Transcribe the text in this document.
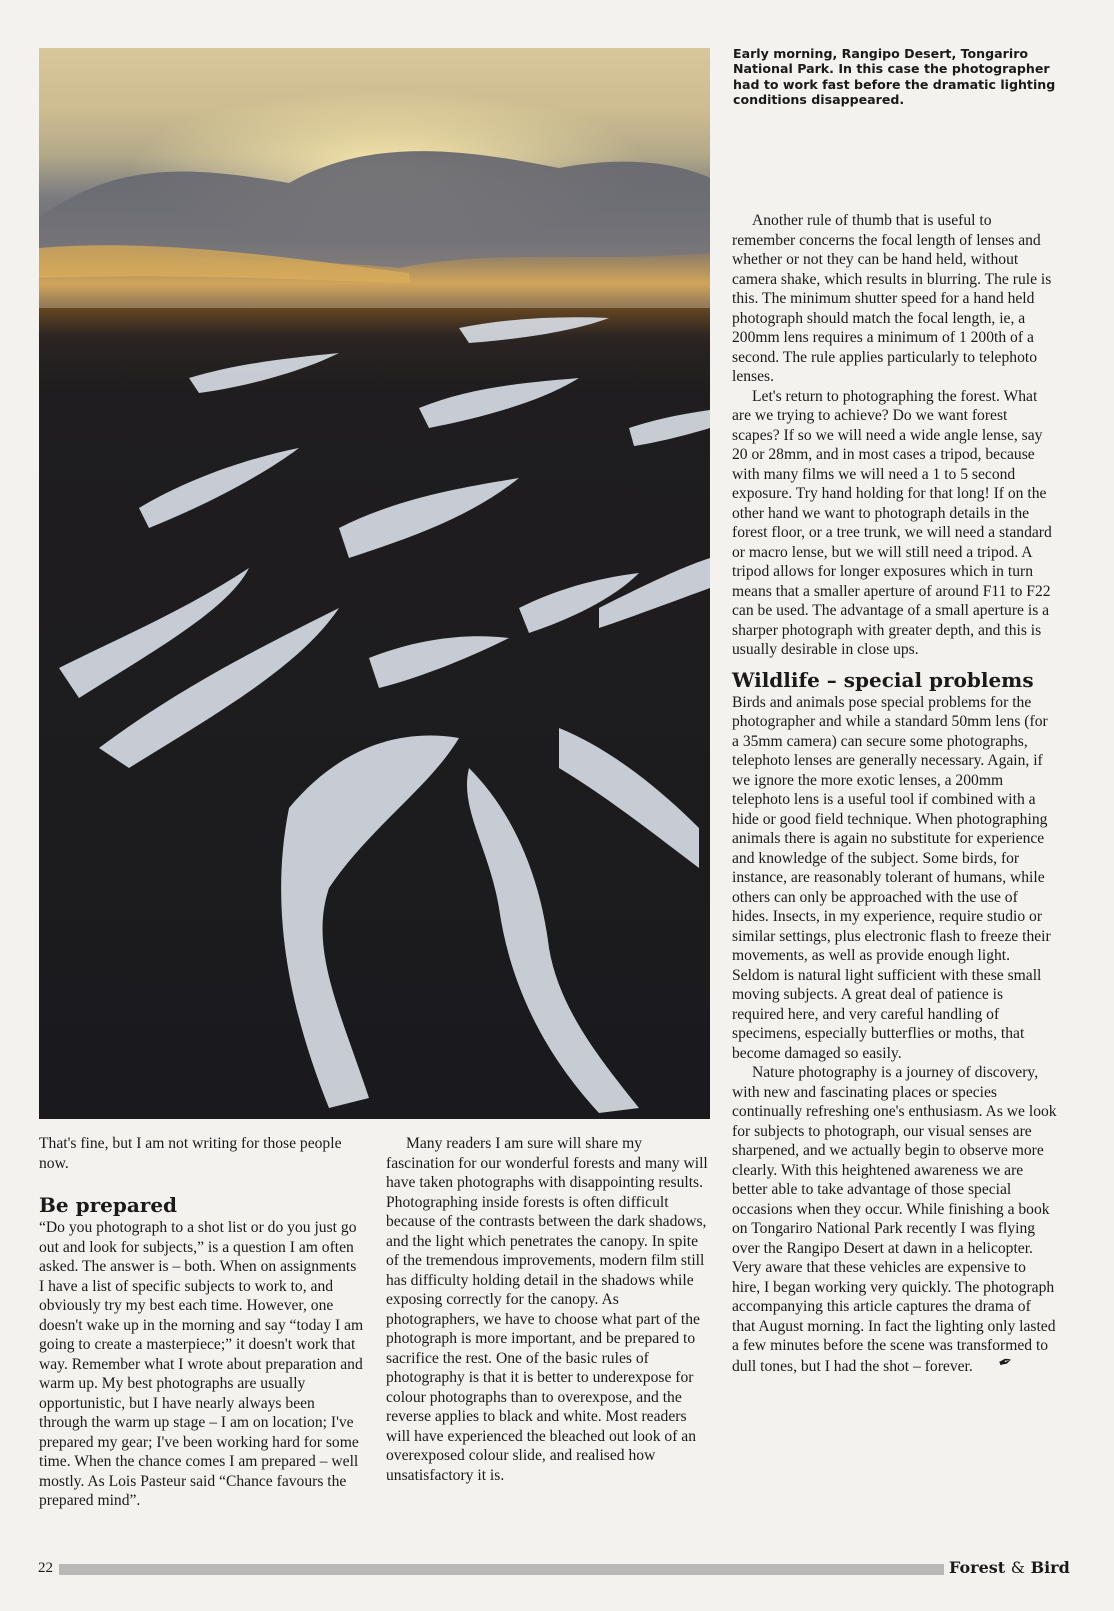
Early morning, Rangipo Desert, Tongariro National Park. In this case the photographer had to work fast before the dramatic lighting conditions disappeared.

That's fine, but I am not writing for those people now.

Be prepared

“Do you photograph to a shot list or do you just go out and look for subjects,” is a question I am often asked. The answer is – both. When on assignments I have a list of specific subjects to work to, and obviously try my best each time. However, one doesn't wake up in the morning and say “today I am going to create a masterpiece;” it doesn't work that way. Remember what I wrote about preparation and warm up. My best photographs are usually opportunistic, but I have nearly always been through the warm up stage – I am on location; I've prepared my gear; I've been working hard for some time. When the chance comes I am prepared – well mostly. As Lois Pasteur said “Chance favours the prepared mind”.

Many readers I am sure will share my fascination for our wonderful forests and many will have taken photographs with disappointing results. Photographing inside forests is often difficult because of the contrasts between the dark shadows, and the light which penetrates the canopy. In spite of the tremendous improvements, modern film still has difficulty holding detail in the shadows while exposing correctly for the canopy. As photographers, we have to choose what part of the photograph is more important, and be prepared to sacrifice the rest. One of the basic rules of photography is that it is better to underexpose for colour photographs than to overexpose, and the reverse applies to black and white. Most readers will have experienced the bleached out look of an overexposed colour slide, and realised how unsatisfactory it is.

Another rule of thumb that is useful to remember concerns the focal length of lenses and whether or not they can be hand held, without camera shake, which results in blurring. The rule is this. The minimum shutter speed for a hand held photograph should match the focal length, ie, a 200mm lens requires a minimum of 1 200th of a second. The rule applies particularly to telephoto lenses.

Let's return to photographing the forest. What are we trying to achieve? Do we want forest scapes? If so we will need a wide angle lense, say 20 or 28mm, and in most cases a tripod, because with many films we will need a 1 to 5 second exposure. Try hand holding for that long! If on the other hand we want to photograph details in the forest floor, or a tree trunk, we will need a standard or macro lense, but we will still need a tripod. A tripod allows for longer exposures which in turn means that a smaller aperture of around F11 to F22 can be used. The advantage of a small aperture is a sharper photograph with greater depth, and this is usually desirable in close ups.

Wildlife – special problems

Birds and animals pose special problems for the photographer and while a standard 50mm lens (for a 35mm camera) can secure some photographs, telephoto lenses are generally necessary. Again, if we ignore the more exotic lenses, a 200mm telephoto lens is a useful tool if combined with a hide or good field technique. When photographing animals there is again no substitute for experience and knowledge of the subject. Some birds, for instance, are reasonably tolerant of humans, while others can only be approached with the use of hides. Insects, in my experience, require studio or similar settings, plus electronic flash to freeze their movements, as well as provide enough light. Seldom is natural light sufficient with these small moving subjects. A great deal of patience is required here, and very careful handling of specimens, especially butterflies or moths, that become damaged so easily.

Nature photography is a journey of discovery, with new and fascinating places or species continually refreshing one's enthusiasm. As we look for subjects to photograph, our visual senses are sharpened, and we actually begin to observe more clearly. With this heightened awareness we are better able to take advantage of those special occasions when they occur. While finishing a book on Tongariro National Park recently I was flying over the Rangipo Desert at dawn in a helicopter. Very aware that these vehicles are expensive to hire, I began working very quickly. The photograph accompanying this article captures the drama of that August morning. In fact the lighting only lasted a few minutes before the scene was transformed to dull tones, but I had the shot – forever. ✒

22	Forest & Bird
